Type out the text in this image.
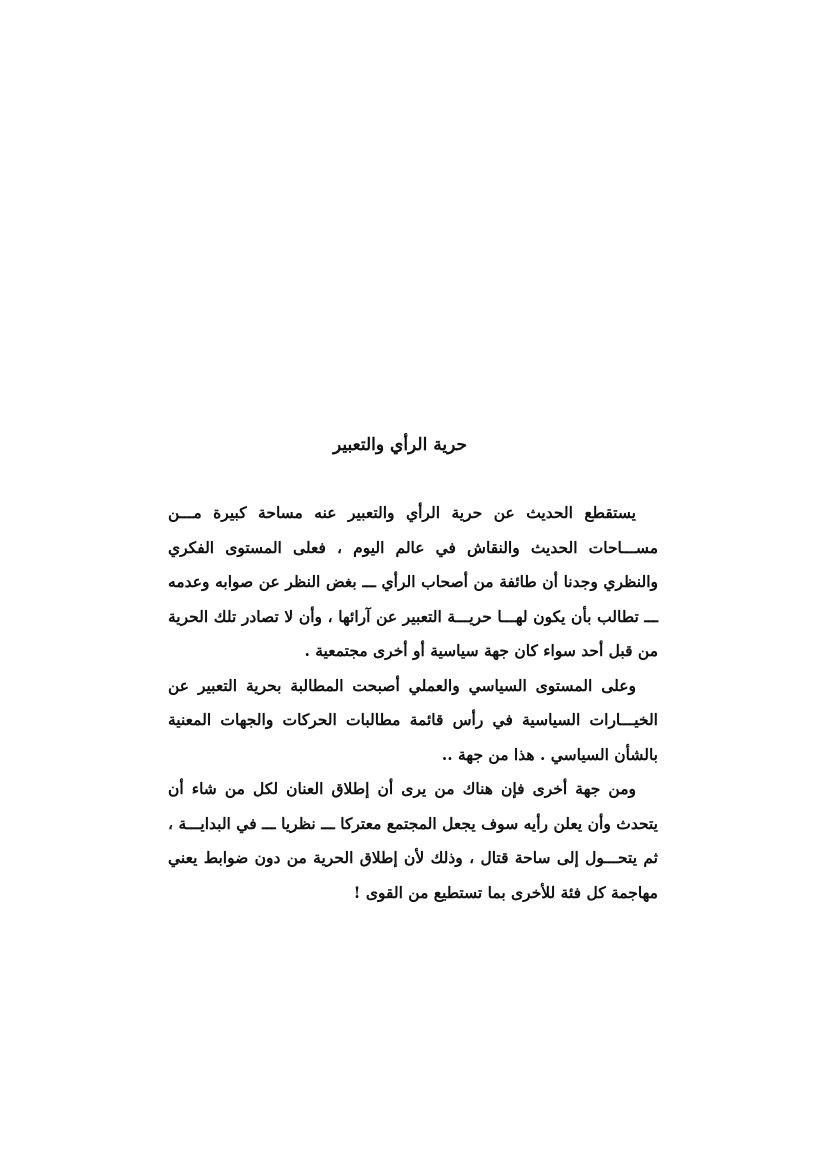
حرية الرأي والتعبير

يستقطع الحديث عن حرية الرأي والتعبير عنه مساحة كبيرة مـــن مســـاحات الحديث والنقاش في عالم اليوم ، فعلى المستوى الفكري والنظري وجدنا أن طائفة من أصحاب الرأي ـــ بغض النظر عن صوابه وعدمه ـــ تطالب بأن يكون لهـــا حريـــة التعبير عن آرائها ، وأن لا تصادر تلك الحرية من قبل أحد سواء كان جهة سياسية أو أخرى مجتمعية .

وعلى المستوى السياسي والعملي أصبحت المطالبة بحرية التعبير عن الخيـــارات السياسية في رأس قائمة مطالبات الحركات والجهات المعنية بالشأن السياسي . هذا من جهة ..

ومن جهة أخرى فإن هناك من يرى أن إطلاق العنان لكل من شاء أن يتحدث وأن يعلن رأيه سوف يجعل المجتمع معتركا ـــ نظريا ـــ في البدايـــة ، ثم يتحـــول إلى ساحة قتال ، وذلك لأن إطلاق الحرية من دون ضوابط يعني مهاجمة كل فئة للأخرى بما تستطيع من القوى !
